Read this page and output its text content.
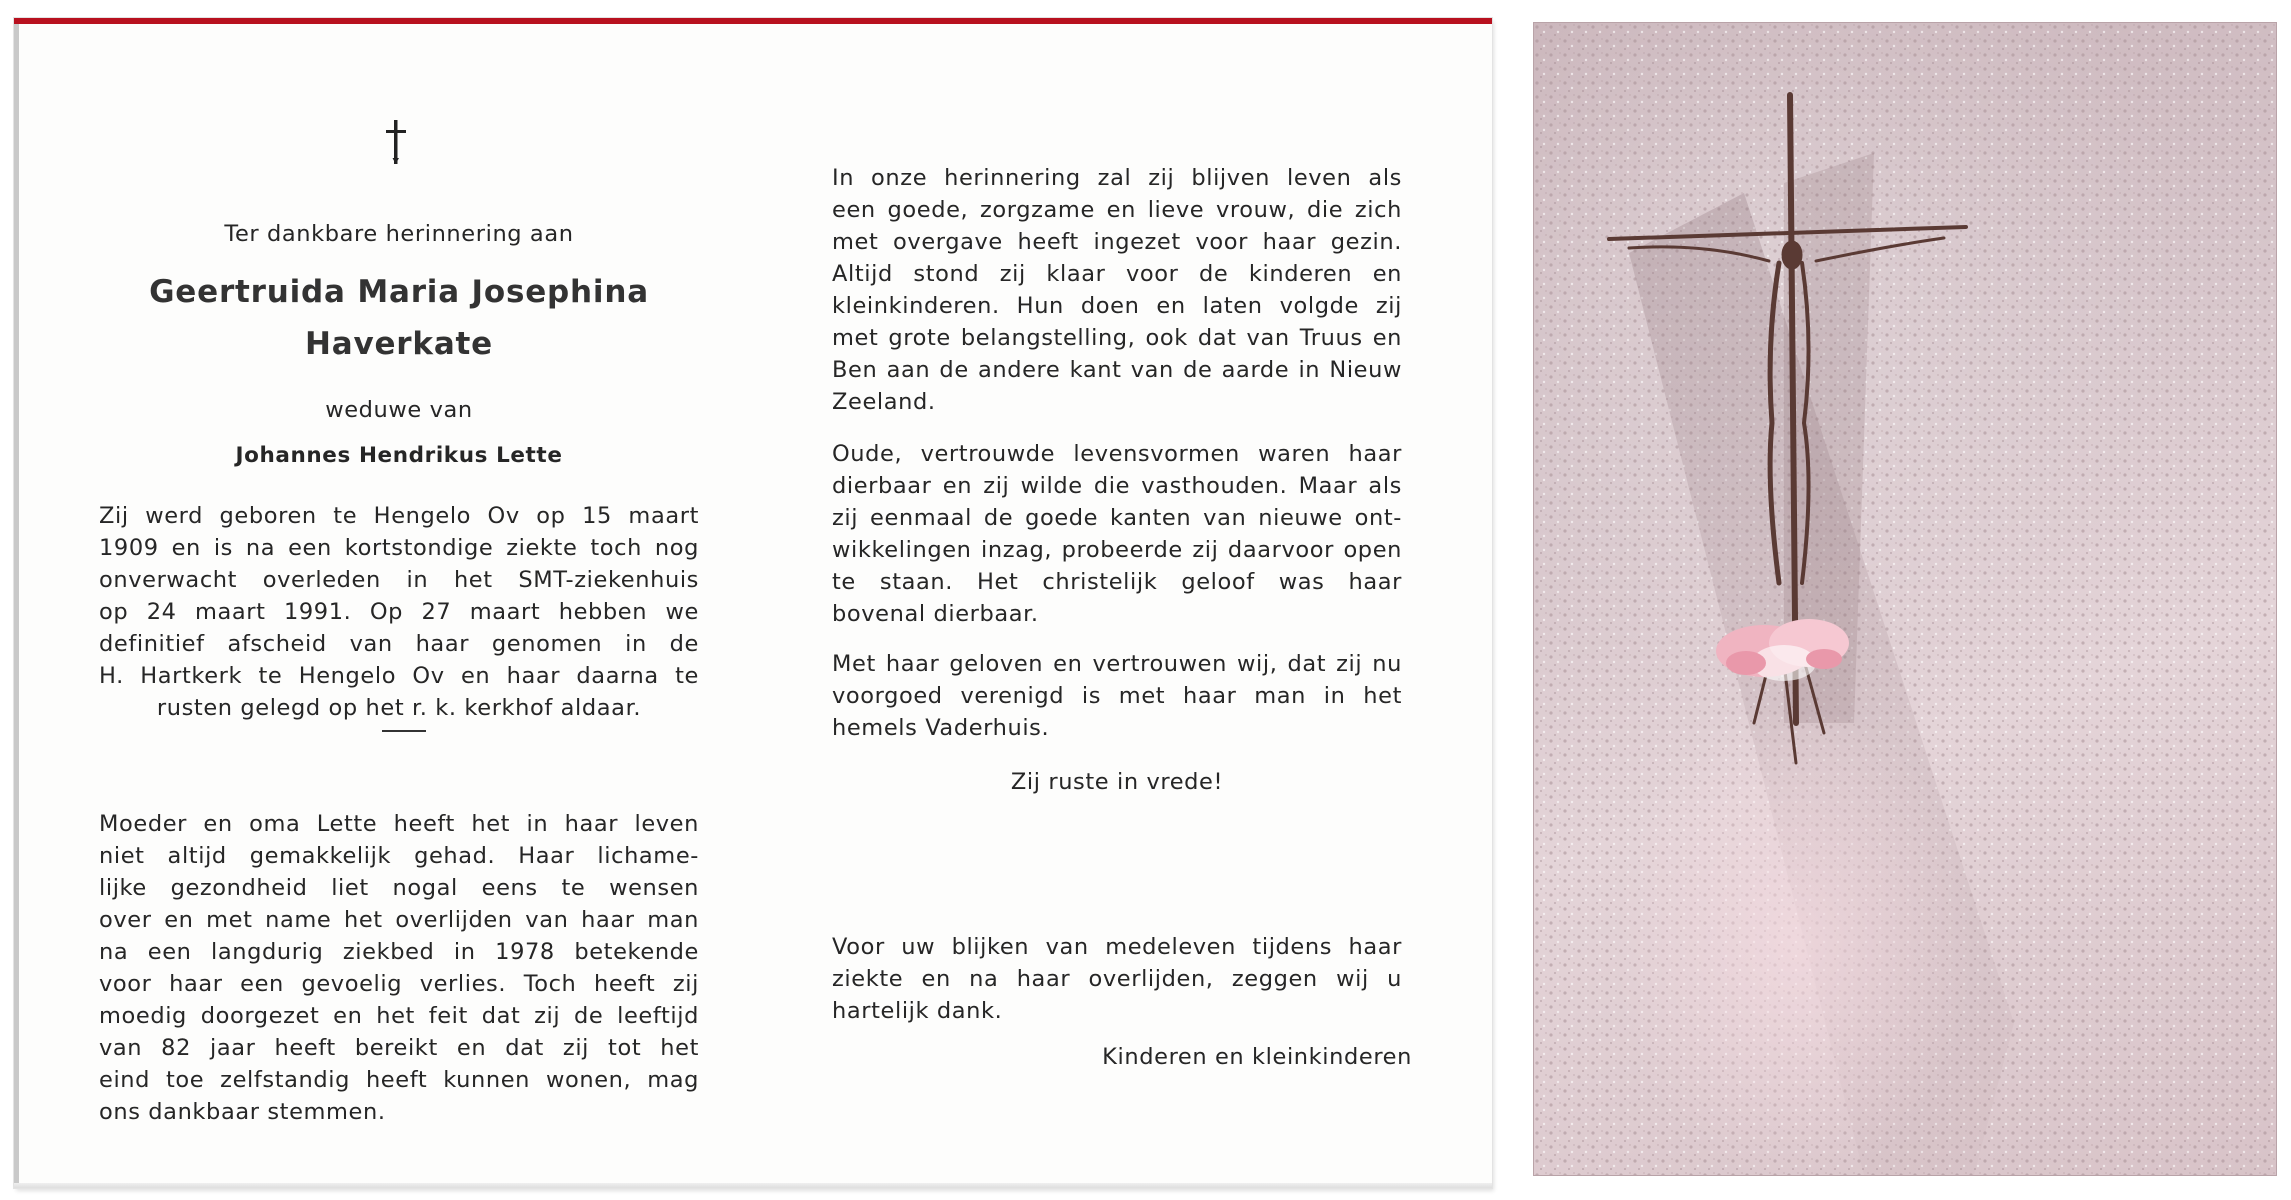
Ter dankbare herinnering aan
Geertruida Maria Josephina
Haverkate
weduwe van
Johannes Hendrikus Lette
Zij werd geboren te Hengelo Ov op 15 maart
1909 en is na een kortstondige ziekte toch nog
onverwacht overleden in het SMT-ziekenhuis
op 24 maart 1991. Op 27 maart hebben we
definitief afscheid van haar genomen in de
H. Hartkerk te Hengelo Ov en haar daarna te
rusten gelegd op het r. k. kerkhof aldaar.
Moeder en oma Lette heeft het in haar leven
niet altijd gemakkelijk gehad. Haar lichame-
lijke gezondheid liet nogal eens te wensen
over en met name het overlijden van haar man
na een langdurig ziekbed in 1978 betekende
voor haar een gevoelig verlies. Toch heeft zij
moedig doorgezet en het feit dat zij de leeftijd
van 82 jaar heeft bereikt en dat zij tot het
eind toe zelfstandig heeft kunnen wonen, mag
ons dankbaar stemmen.
In onze herinnering zal zij blijven leven als
een goede, zorgzame en lieve vrouw, die zich
met overgave heeft ingezet voor haar gezin.
Altijd stond zij klaar voor de kinderen en
kleinkinderen. Hun doen en laten volgde zij
met grote belangstelling, ook dat van Truus en
Ben aan de andere kant van de aarde in Nieuw
Zeeland.
Oude, vertrouwde levensvormen waren haar
dierbaar en zij wilde die vasthouden. Maar als
zij eenmaal de goede kanten van nieuwe ont-
wikkelingen inzag, probeerde zij daarvoor open
te staan. Het christelijk geloof was haar
bovenal dierbaar.
Met haar geloven en vertrouwen wij, dat zij nu
voorgoed verenigd is met haar man in het
hemels Vaderhuis.
Zij ruste in vrede!
Voor uw blijken van medeleven tijdens haar
ziekte en na haar overlijden, zeggen wij u
hartelijk dank.
Kinderen en kleinkinderen
